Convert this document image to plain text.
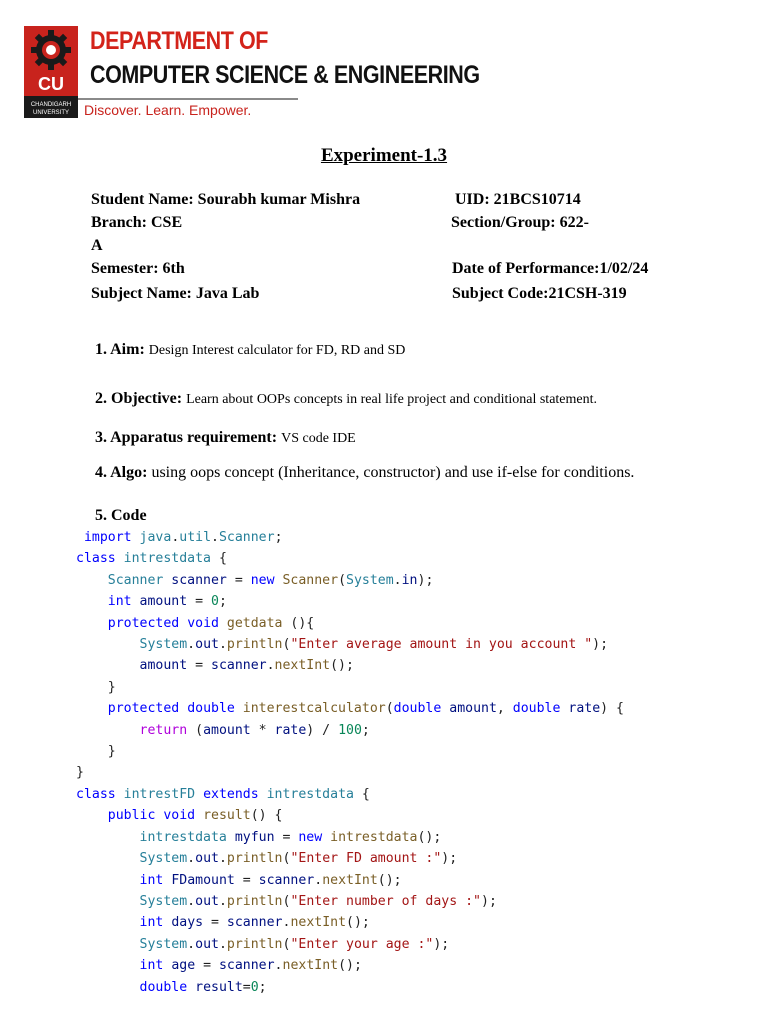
CU
CHANDIGARH
UNIVERSITY
DEPARTMENT OF
COMPUTER SCIENCE & ENGINEERING
Discover. Learn. Empower.
Experiment-1.3
Student Name: Sourabh kumar Mishra	UID: 21BCS10714
Branch: CSE	Section/Group: 622-
A
Semester: 6th	Date of Performance:1/02/24
Subject Name: Java Lab	Subject Code:21CSH-319
1. Aim: Design Interest calculator for FD, RD and SD
2. Objective: Learn about OOPs concepts in real life project and conditional statement.
3. Apparatus requirement: VS code IDE
4. Algo: using oops concept (Inheritance, constructor) and use if-else for conditions.
5. Code
import java.util.Scanner;
class intrestdata {
Scanner scanner = new Scanner(System.in);
int amount = 0;
protected void getdata (){
System.out.println("Enter average amount in you account ");
amount = scanner.nextInt();
}
protected double interestcalculator(double amount, double rate) {
return (amount * rate) / 100;
}
}
class intrestFD extends intrestdata {
public void result() {
intrestdata myfun = new intrestdata();
System.out.println("Enter FD amount :");
int FDamount = scanner.nextInt();
System.out.println("Enter number of days :");
int days = scanner.nextInt();
System.out.println("Enter your age :");
int age = scanner.nextInt();
double result=0;
